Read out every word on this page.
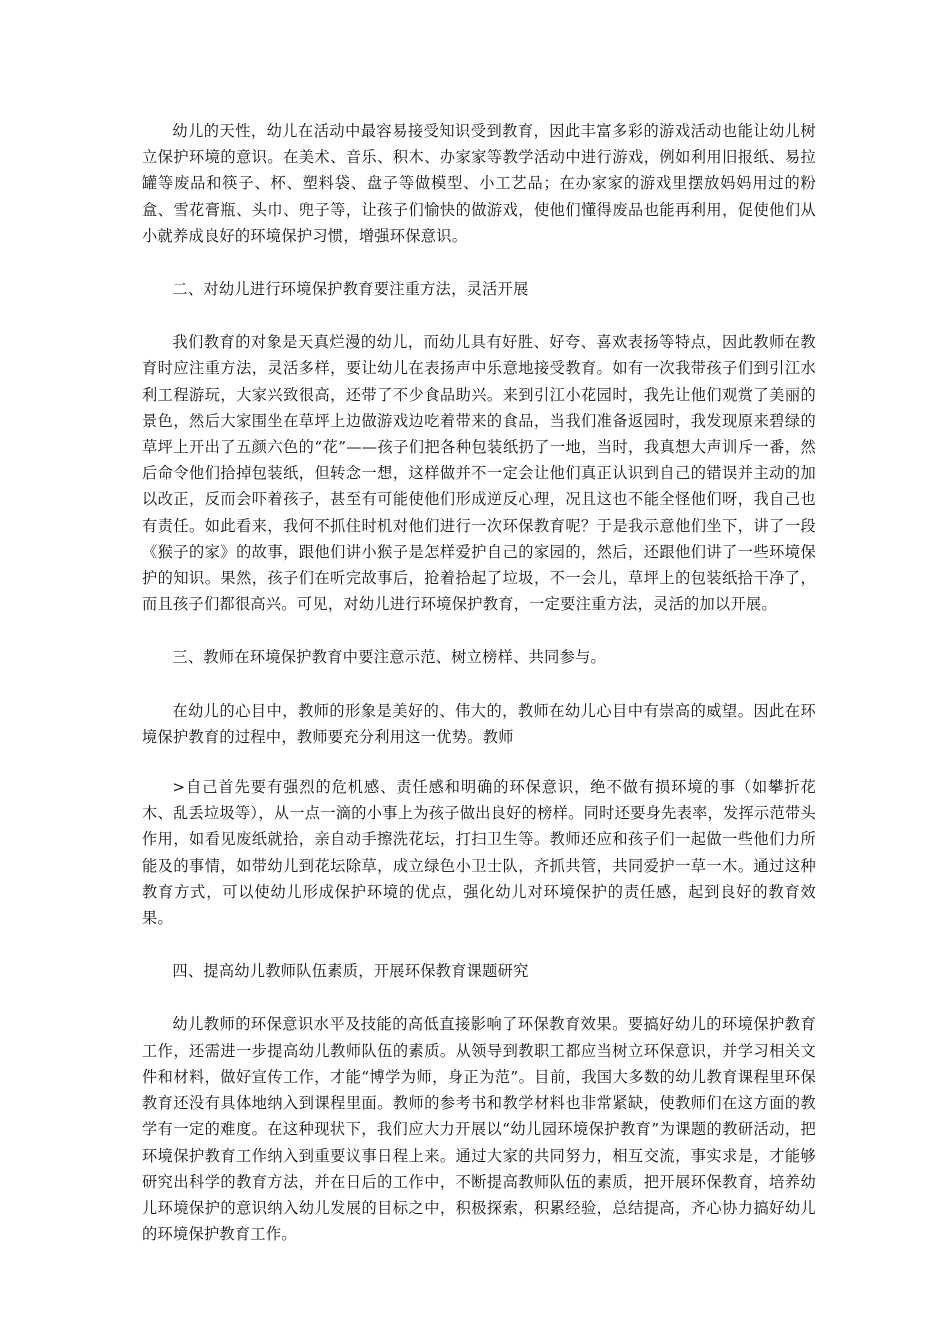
幼儿的天性，幼儿在活动中最容易接受知识受到教育，因此丰富多彩的游戏活动也能让幼儿树立保护环境的意识。在美术、音乐、积木、办家家等教学活动中进行游戏，例如利用旧报纸、易拉罐等废品和筷子、杯、塑料袋、盘子等做模型、小工艺品；在办家家的游戏里摆放妈妈用过的粉盒、雪花膏瓶、头巾、兜子等，让孩子们愉快的做游戏，使他们懂得废品也能再利用，促使他们从小就养成良好的环境保护习惯，增强环保意识。

二、对幼儿进行环境保护教育要注重方法，灵活开展

我们教育的对象是天真烂漫的幼儿，而幼儿具有好胜、好夸、喜欢表扬等特点，因此教师在教育时应注重方法，灵活多样，要让幼儿在表扬声中乐意地接受教育。如有一次我带孩子们到引江水利工程游玩，大家兴致很高，还带了不少食品助兴。来到引江小花园时，我先让他们观赏了美丽的景色，然后大家围坐在草坪上边做游戏边吃着带来的食品，当我们准备返园时，我发现原来碧绿的草坪上开出了五颜六色的“花”——孩子们把各种包装纸扔了一地，当时，我真想大声训斥一番，然后命令他们拾掉包装纸，但转念一想，这样做并不一定会让他们真正认识到自己的错误并主动的加以改正，反而会吓着孩子，甚至有可能使他们形成逆反心理，况且这也不能全怪他们呀，我自己也有责任。如此看来，我何不抓住时机对他们进行一次环保教育呢？于是我示意他们坐下，讲了一段《猴子的家》的故事，跟他们讲小猴子是怎样爱护自己的家园的，然后，还跟他们讲了一些环境保护的知识。果然，孩子们在听完故事后，抢着拾起了垃圾，不一会儿，草坪上的包装纸拾干净了，而且孩子们都很高兴。可见，对幼儿进行环境保护教育，一定要注重方法，灵活的加以开展。

三、教师在环境保护教育中要注意示范、树立榜样、共同参与。

在幼儿的心目中，教师的形象是美好的、伟大的，教师在幼儿心目中有崇高的威望。因此在环境保护教育的过程中，教师要充分利用这一优势。教师

>自己首先要有强烈的危机感、责任感和明确的环保意识，绝不做有损环境的事（如攀折花木、乱丢垃圾等），从一点一滴的小事上为孩子做出良好的榜样。同时还要身先表率，发挥示范带头作用，如看见废纸就拾，亲自动手擦洗花坛，打扫卫生等。教师还应和孩子们一起做一些他们力所能及的事情，如带幼儿到花坛除草，成立绿色小卫士队，齐抓共管，共同爱护一草一木。通过这种教育方式，可以使幼儿形成保护环境的优点，强化幼儿对环境保护的责任感，起到良好的教育效果。

四、提高幼儿教师队伍素质，开展环保教育课题研究

幼儿教师的环保意识水平及技能的高低直接影响了环保教育效果。要搞好幼儿的环境保护教育工作，还需进一步提高幼儿教师队伍的素质。从领导到教职工都应当树立环保意识，并学习相关文件和材料，做好宣传工作，才能“博学为师，身正为范”。目前，我国大多数的幼儿教育课程里环保教育还没有具体地纳入到课程里面。教师的参考书和教学材料也非常紧缺，使教师们在这方面的教学有一定的难度。在这种现状下，我们应大力开展以“幼儿园环境保护教育”为课题的教研活动，把环境保护教育工作纳入到重要议事日程上来。通过大家的共同努力，相互交流，事实求是，才能够研究出科学的教育方法，并在日后的工作中，不断提高教师队伍的素质，把开展环保教育，培养幼儿环境保护的意识纳入幼儿发展的目标之中，积极探索，积累经验，总结提高，齐心协力搞好幼儿的环境保护教育工作。
